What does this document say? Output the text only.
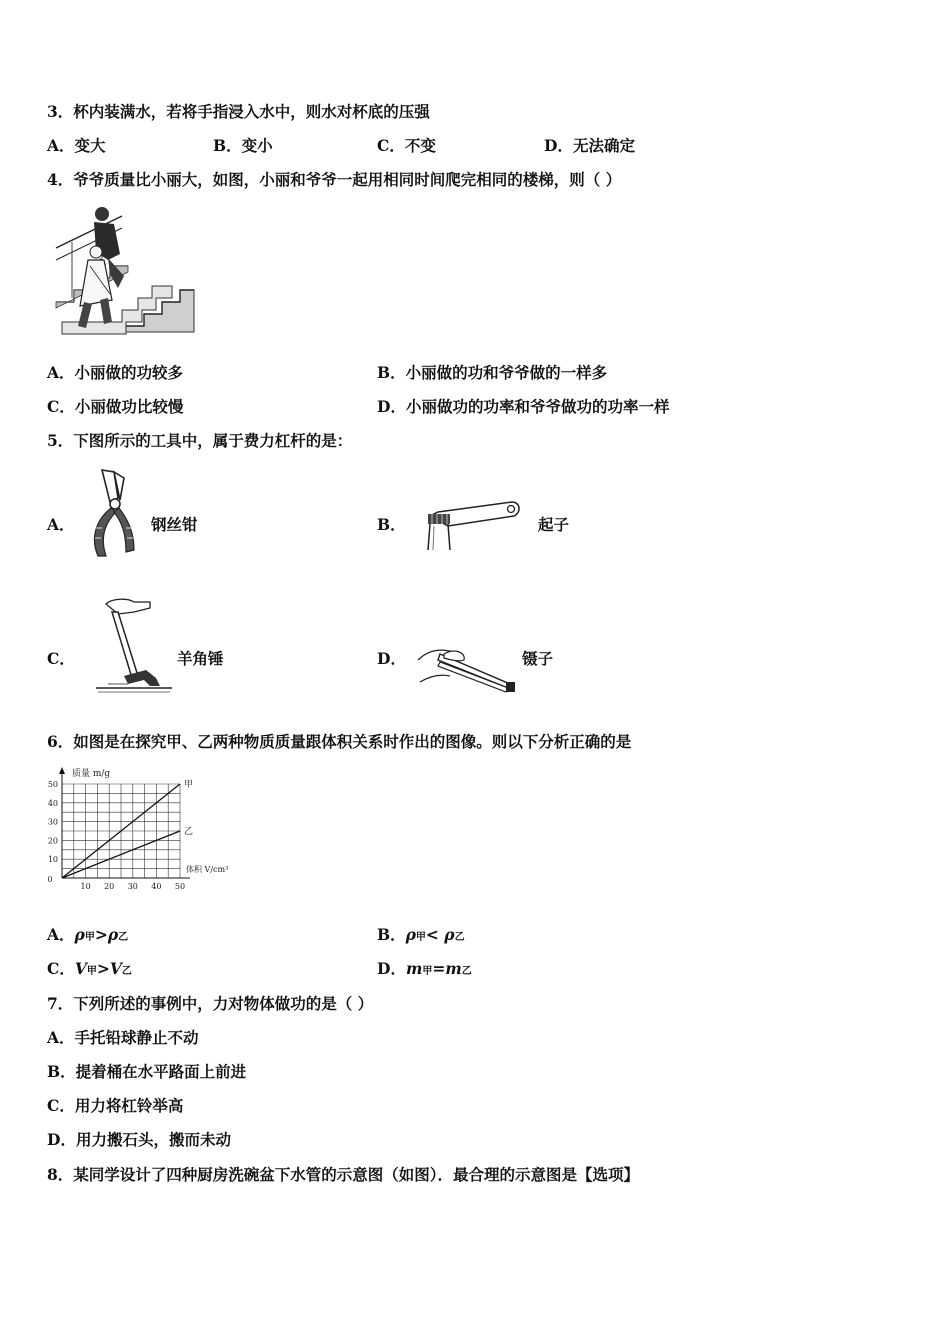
3．杯内装满水，若将手指浸入水中，则水对杯底的压强
A．变大	B．变小	C．不变	D．无法确定
4．爷爷质量比小丽大，如图，小丽和爷爷一起用相同时间爬完相同的楼梯，则（ ）
A．小丽做的功较多	B．小丽做的功和爷爷做的一样多
C．小丽做功比较慢	D．小丽做功的功率和爷爷做功的功率一样
5．下图所示的工具中，属于费力杠杆的是：
A．	钢丝钳	B．	起子
C．	羊角锤	D．	镊子
6．如图是在探究甲、乙两种物质质量跟体积关系时作出的图像。则以下分析正确的是
10
20
30
40
50
10 20 30 40 50
0
质量 m/g
体积 V/cm³
甲
乙
A．ρ甲>ρ乙	B．ρ甲< ρ乙
C．V甲>V乙	D．m甲=m乙
7．下列所述的事例中，力对物体做功的是（ ）
A．手托铅球静止不动
B．提着桶在水平路面上前进
C．用力将杠铃举高
D．用力搬石头，搬而未动
8．某同学设计了四种厨房洗碗盆下水管的示意图（如图）．最合理的示意图是【选项】
